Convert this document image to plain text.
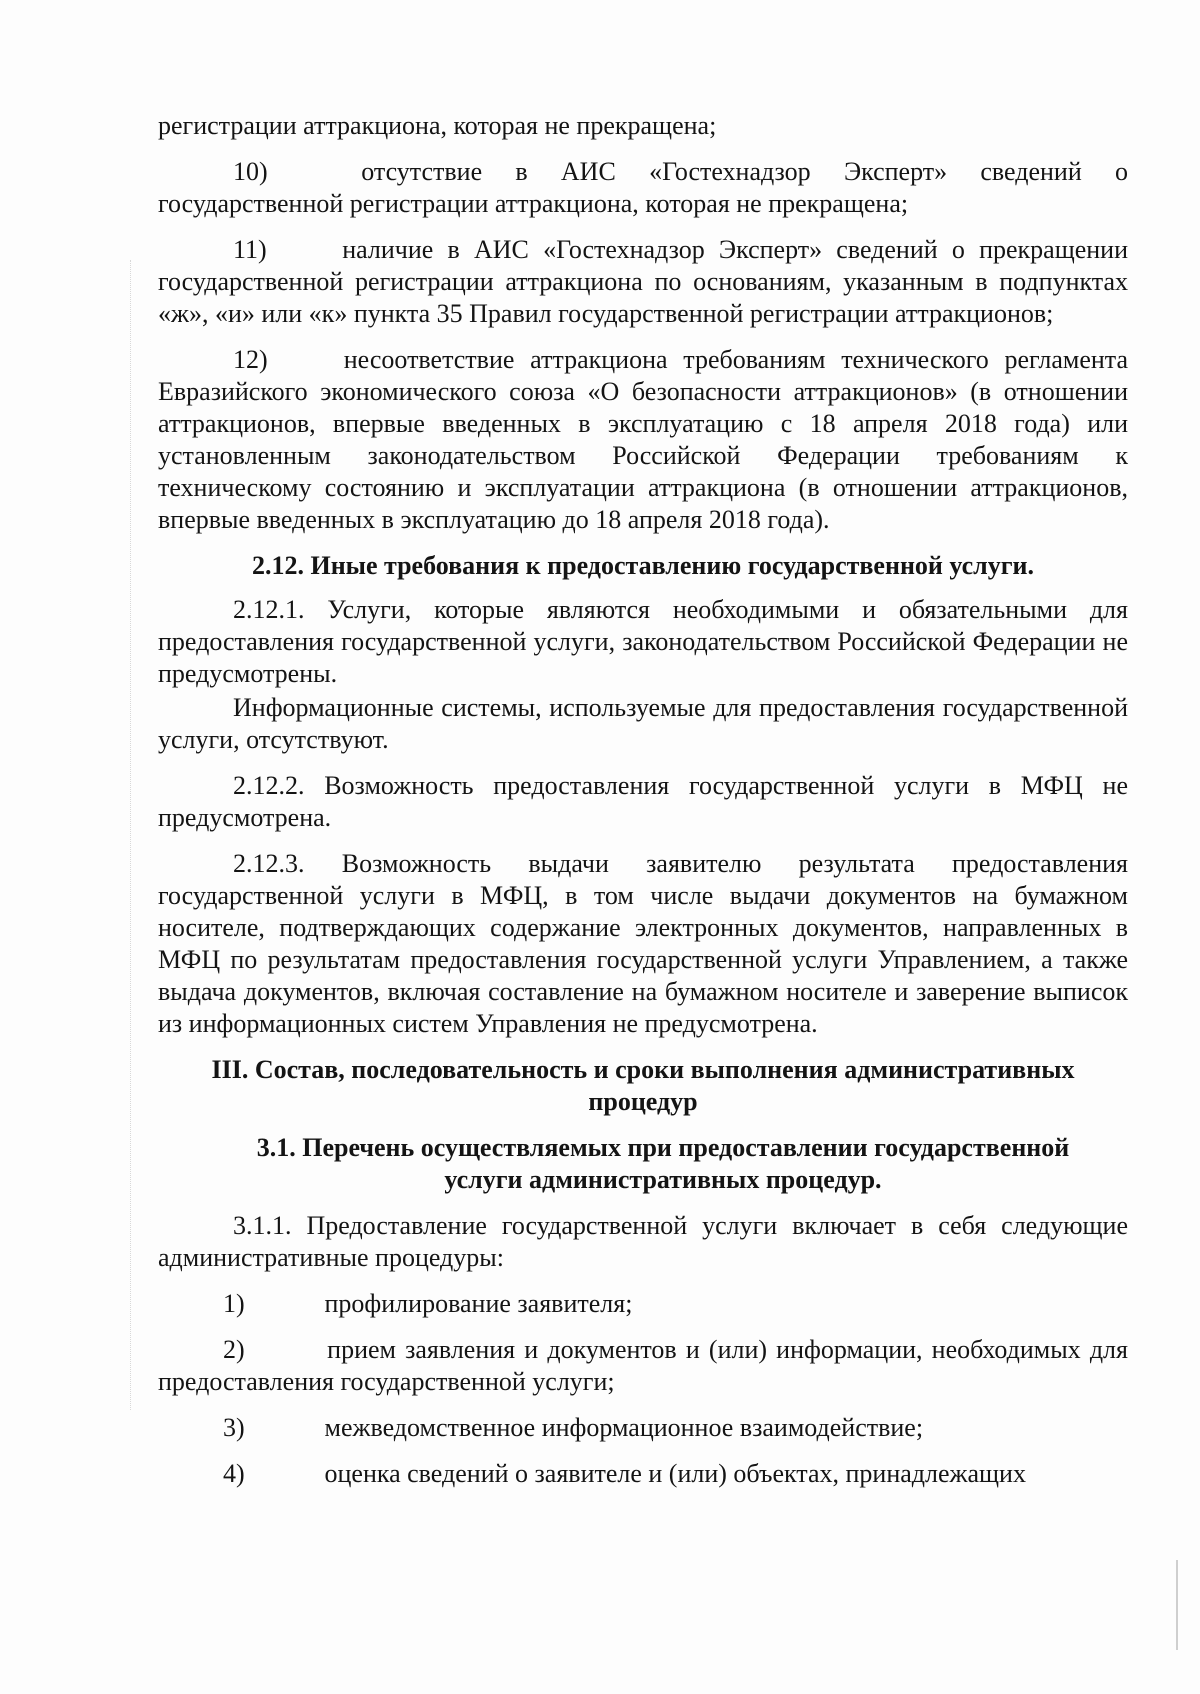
регистрации аттракциона, которая не прекращена;

10)	отсутствие в АИС «Гостехнадзор Эксперт» сведений о государственной регистрации аттракциона, которая не прекращена;

11)	наличие в АИС «Гостехнадзор Эксперт» сведений о прекращении государственной регистрации аттракциона по основаниям, указанным в подпунктах «ж», «и» или «к» пункта 35 Правил государственной регистрации аттракционов;

12)	несоответствие аттракциона требованиям технического регламента Евразийского экономического союза «О безопасности аттракционов» (в отношении аттракционов, впервые введенных в эксплуатацию с 18 апреля 2018 года) или установленным законодательством Российской Федерации требованиям к техническому состоянию и эксплуатации аттракциона (в отношении аттракционов, впервые введенных в эксплуатацию до 18 апреля 2018 года).

2.12. Иные требования к предоставлению государственной услуги.

2.12.1. Услуги, которые являются необходимыми и обязательными для предоставления государственной услуги, законодательством Российской Федерации не предусмотрены.

Информационные системы, используемые для предоставления государственной услуги, отсутствуют.

2.12.2. Возможность предоставления государственной услуги в МФЦ не предусмотрена.

2.12.3. Возможность выдачи заявителю результата предоставления государственной услуги в МФЦ, в том числе выдачи документов на бумажном носителе, подтверждающих содержание электронных документов, направленных в МФЦ по результатам предоставления государственной услуги Управлением, а также выдача документов, включая составление на бумажном носителе и заверение выписок из информационных систем Управления не предусмотрена.

III. Состав, последовательность и сроки выполнения административных
процедур
3.1. Перечень осуществляемых при предоставлении государственной
услуги административных процедур.

3.1.1. Предоставление государственной услуги включает в себя следующие административные процедуры:

1)	профилирование заявителя;

2)	прием заявления и документов и (или) информации, необходимых для предоставления государственной услуги;

3)	межведомственное информационное взаимодействие;

4)	оценка сведений о заявителе и (или) объектах, принадлежащих
